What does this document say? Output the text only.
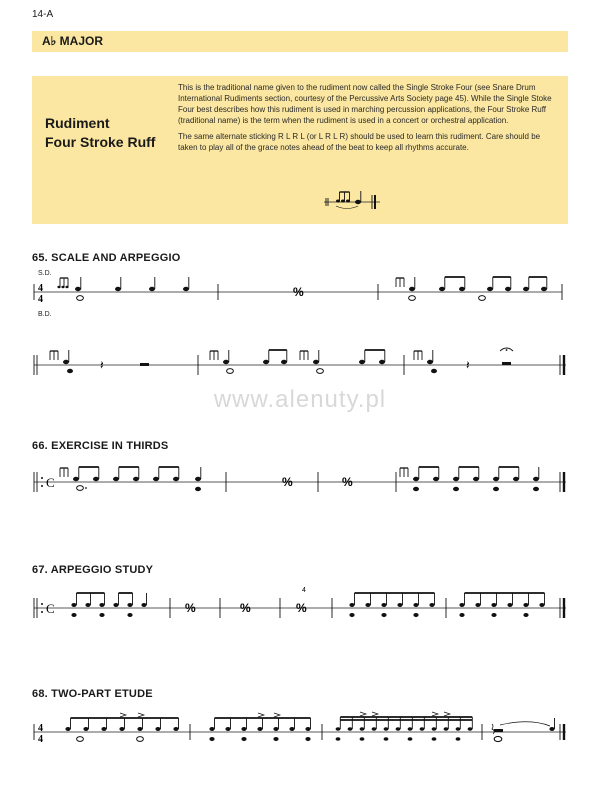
14-A
A♭ MAJOR
Rudiment
Four Stroke Ruff

This is the traditional name given to the rudiment now called the Single Stroke Four (see Snare Drum International Rudiments section, courtesy of the Percussive Arts Society page 45). While the Single Stoke Four best describes how this rudiment is used in marching percussion applications, the Four Stroke Ruff (traditional name) is the term when the rudiment is used in a concert or orchestral application.

The same alternate sticking R L R L (or L R L R) should be used to learn this rudiment. Care should be taken to play all of the grace notes ahead of the beat to keep all rhythms accurate.

65. SCALE AND ARPEGGIO
S.D.
B.D.
4
4
%
𝄽	𝄽
www.alenuty.pl
66. EXERCISE IN THIRDS
C	%	%
67. ARPEGGIO STUDY
C
4
%	%	%
68. TWO-PART ETUDE
4
4
